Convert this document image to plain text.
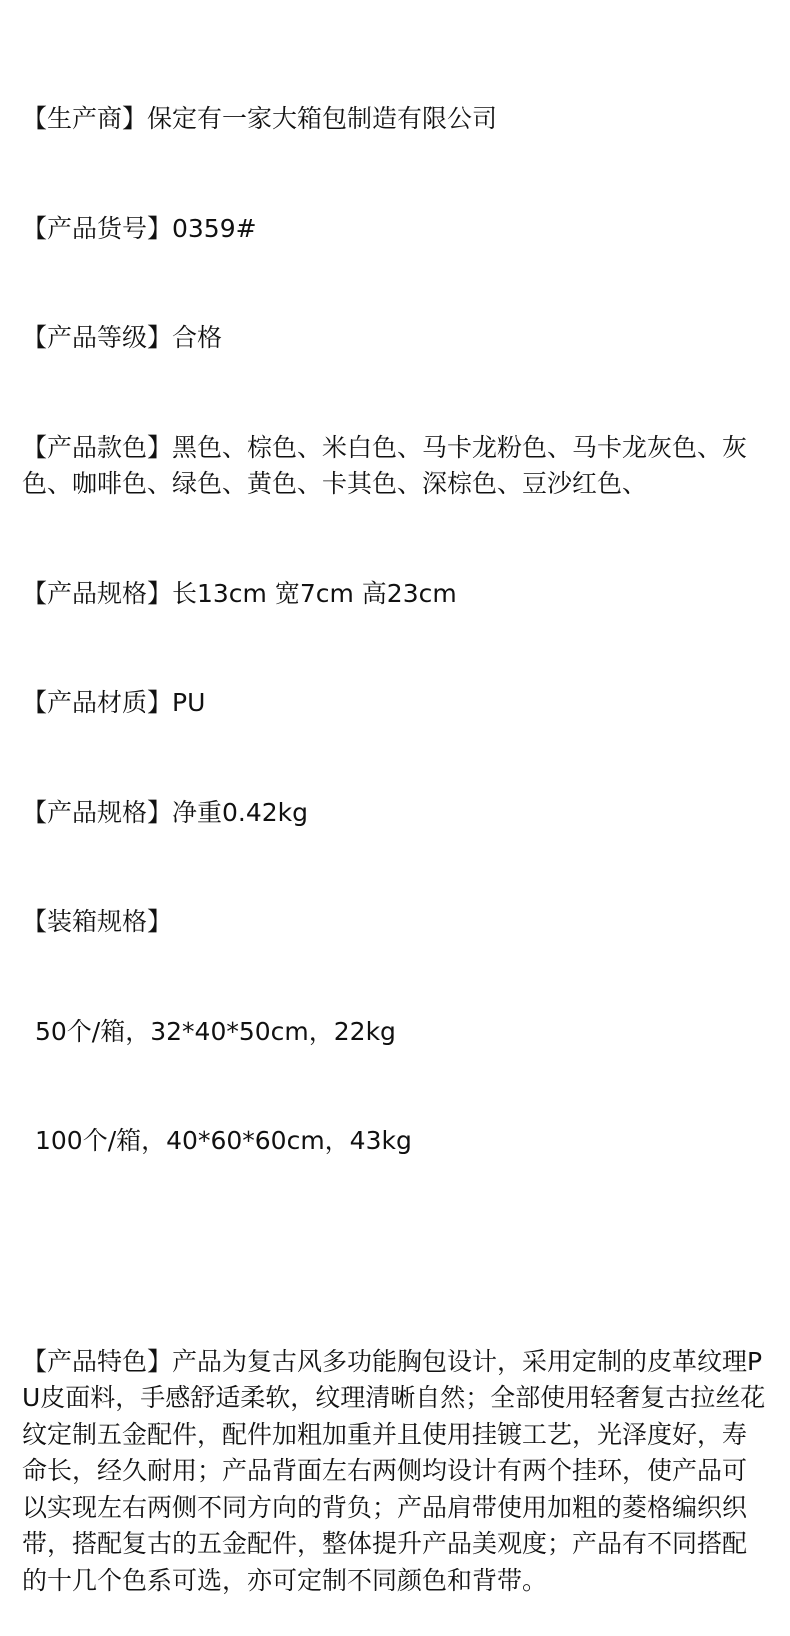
【生产商】保定有一家大箱包制造有限公司

【产品货号】0359#

【产品等级】合格

【产品款色】黑色、棕色、米白色、马卡龙粉色、马卡龙灰色、灰色、咖啡色、绿色、黄色、卡其色、深棕色、豆沙红色、

【产品规格】长13cm 宽7cm 高23cm

【产品材质】PU

【产品规格】净重0.42kg

【装箱规格】

50个/箱，32*40*50cm，22kg

100个/箱，40*60*60cm，43kg

【产品特色】产品为复古风多功能胸包设计，采用定制的皮革纹理PU皮面料，手感舒适柔软，纹理清晰自然；全部使用轻奢复古拉丝花纹定制五金配件，配件加粗加重并且使用挂镀工艺，光泽度好，寿命长，经久耐用；产品背面左右两侧均设计有两个挂环，使产品可以实现左右两侧不同方向的背负；产品肩带使用加粗的菱格编织织带，搭配复古的五金配件，整体提升产品美观度；产品有不同搭配的十几个色系可选，亦可定制不同颜色和背带。
